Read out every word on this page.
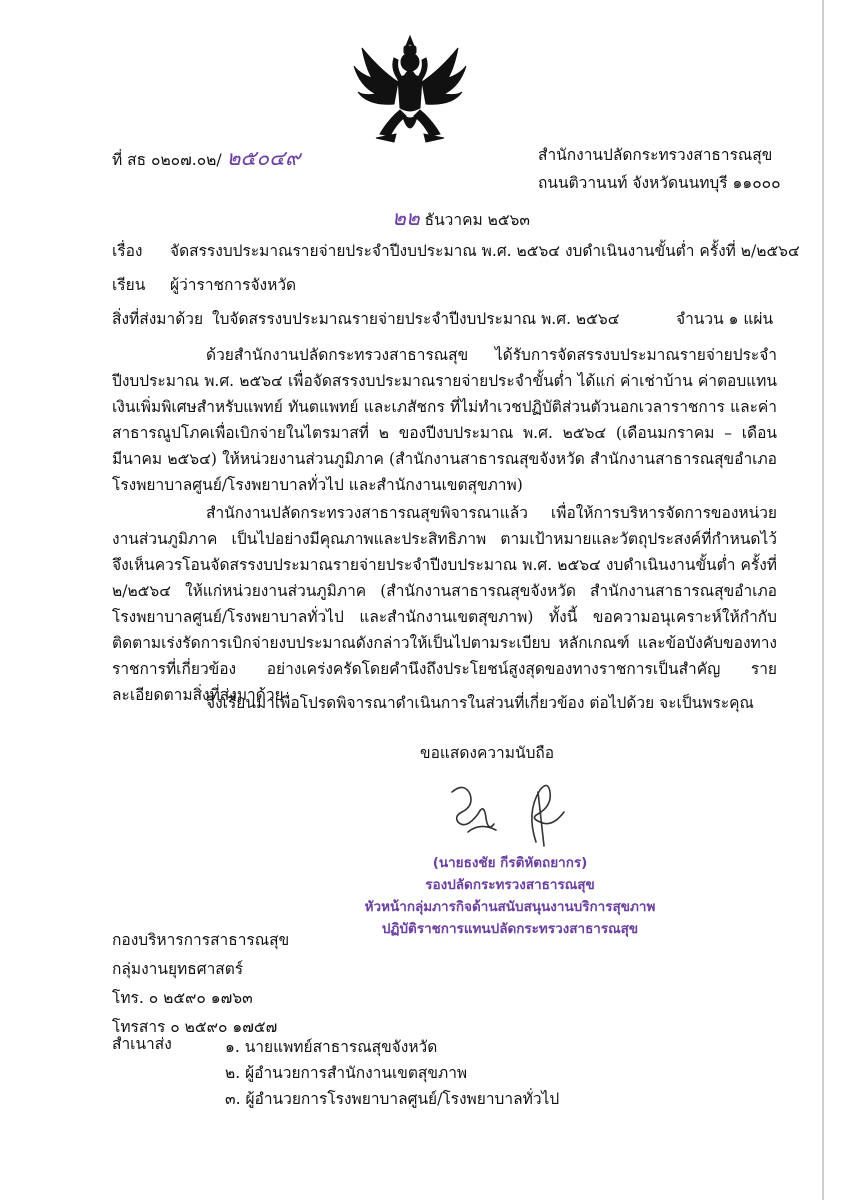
ที่ สธ ๐๒๐๗.๐๒/ ๒๕๐๔๙	สำนักงานปลัดกระทรวงสาธารณสุข
ถนนติวานนท์ จังหวัดนนทบุรี ๑๑๐๐๐
๒๒ ธันวาคม ๒๕๖๓
เรื่อง จัดสรรงบประมาณรายจ่ายประจำปีงบประมาณ พ.ศ. ๒๕๖๔ งบดำเนินงานขั้นต่ำ ครั้งที่ ๒/๒๕๖๔
เรียน ผู้ว่าราชการจังหวัด
สิ่งที่ส่งมาด้วย ใบจัดสรรงบประมาณรายจ่ายประจำปีงบประมาณ พ.ศ. ๒๕๖๔	จำนวน ๑ แผ่น
ด้วยสำนักงานปลัดกระทรวงสาธารณสุข ได้รับการจัดสรรงบประมาณรายจ่ายประจำปีงบประมาณ พ.ศ. ๒๕๖๔ เพื่อจัดสรรงบประมาณรายจ่ายประจำขั้นต่ำ ได้แก่ ค่าเช่าบ้าน ค่าตอบแทนเงินเพิ่มพิเศษสำหรับแพทย์ ทันตแพทย์ และเภสัชกร ที่ไม่ทำเวชปฏิบัติส่วนตัวนอกเวลาราชการ และค่าสาธารณูปโภคเพื่อเบิกจ่ายในไตรมาสที่ ๒ ของปีงบประมาณ พ.ศ. ๒๕๖๔ (เดือนมกราคม – เดือนมีนาคม ๒๕๖๔) ให้หน่วยงานส่วนภูมิภาค (สำนักงานสาธารณสุขจังหวัด สำนักงานสาธารณสุขอำเภอ โรงพยาบาลศูนย์/โรงพยาบาลทั่วไป และสำนักงานเขตสุขภาพ)
สำนักงานปลัดกระทรวงสาธารณสุขพิจารณาแล้ว เพื่อให้การบริหารจัดการของหน่วยงานส่วนภูมิภาค เป็นไปอย่างมีคุณภาพและประสิทธิภาพ ตามเป้าหมายและวัตถุประสงค์ที่กำหนดไว้ จึงเห็นควรโอนจัดสรรงบประมาณรายจ่ายประจำปีงบประมาณ พ.ศ. ๒๕๖๔ งบดำเนินงานขั้นต่ำ ครั้งที่ ๒/๒๕๖๔ ให้แก่หน่วยงานส่วนภูมิภาค (สำนักงานสาธารณสุขจังหวัด สำนักงานสาธารณสุขอำเภอ โรงพยาบาลศูนย์/โรงพยาบาลทั่วไป และสำนักงานเขตสุขภาพ) ทั้งนี้ ขอความอนุเคราะห์ให้กำกับติดตามเร่งรัดการเบิกจ่ายงบประมาณดังกล่าวให้เป็นไปตามระเบียบ หลักเกณฑ์ และข้อบังคับของทางราชการที่เกี่ยวข้อง อย่างเคร่งครัดโดยคำนึงถึงประโยชน์สูงสุดของทางราชการเป็นสำคัญ รายละเอียดตามสิ่งที่ส่งมาด้วย
จึงเรียนมาเพื่อโปรดพิจารณาดำเนินการในส่วนที่เกี่ยวข้อง ต่อไปด้วย จะเป็นพระคุณ
ขอแสดงความนับถือ
(นายธงชัย กีรติหัตถยากร)
รองปลัดกระทรวงสาธารณสุข
หัวหน้ากลุ่มภารกิจด้านสนับสนุนงานบริการสุขภาพ
ปฏิบัติราชการแทนปลัดกระทรวงสาธารณสุข
กองบริหารการสาธารณสุข
กลุ่มงานยุทธศาสตร์
โทร. ๐ ๒๕๙๐ ๑๗๖๓
โทรสาร ๐ ๒๕๙๐ ๑๗๕๗
สำเนาส่ง	๑. นายแพทย์สาธารณสุขจังหวัด
๒. ผู้อำนวยการสำนักงานเขตสุขภาพ
๓. ผู้อำนวยการโรงพยาบาลศูนย์/โรงพยาบาลทั่วไป
